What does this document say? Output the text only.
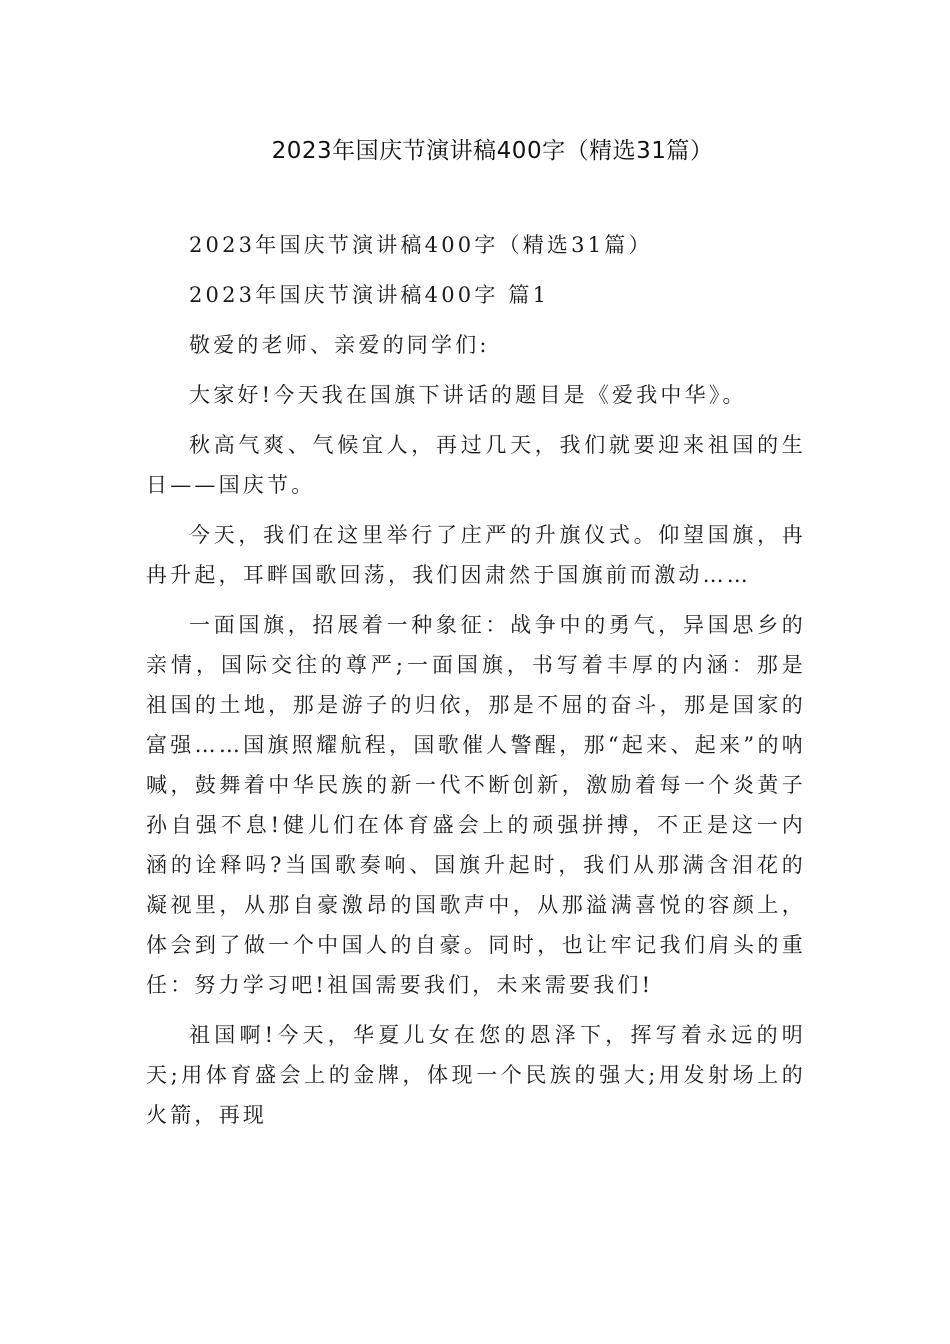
2023年国庆节演讲稿400字（精选31篇）

2023年国庆节演讲稿400字（精选31篇）

2023年国庆节演讲稿400字 篇1

敬爱的老师、亲爱的同学们:

大家好!今天我在国旗下讲话的题目是《爱我中华》。

秋高气爽、气候宜人，再过几天，我们就要迎来祖国的生日——国庆节。

今天，我们在这里举行了庄严的升旗仪式。仰望国旗，冉冉升起，耳畔国歌回荡，我们因肃然于国旗前而激动……

一面国旗，招展着一种象征：战争中的勇气，异国思乡的亲情，国际交往的尊严;一面国旗，书写着丰厚的内涵：那是祖国的土地，那是游子的归依，那是不屈的奋斗，那是国家的富强……国旗照耀航程，国歌催人警醒，那“起来、起来”的呐喊，鼓舞着中华民族的新一代不断创新，激励着每一个炎黄子孙自强不息!健儿们在体育盛会上的顽强拼搏，不正是这一内涵的诠释吗?当国歌奏响、国旗升起时，我们从那满含泪花的凝视里，从那自豪激昂的国歌声中，从那溢满喜悦的容颜上，体会到了做一个中国人的自豪。同时，也让牢记我们肩头的重任：努力学习吧!祖国需要我们，未来需要我们!

祖国啊!今天，华夏儿女在您的恩泽下，挥写着永远的明天;用体育盛会上的金牌，体现一个民族的强大;用发射场上的火箭，再现
